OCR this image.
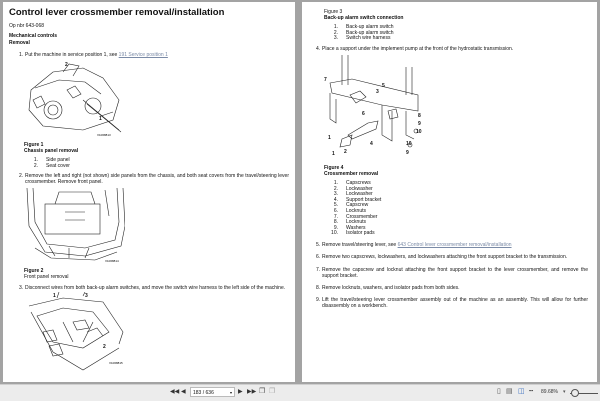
Control lever crossmember removal/installation
Op nbr 643-068
Mechanical controls
Removal
1. Put the machine in service position 1, see 191 Service position 1
2
1
V1068813
Figure 1
Chassis panel removal
1. Side panel
2. Seat cover
2. Remove the left and right (not shown) side panels from the chassis, and both seat covers from the travel/steering lever crossmember. Remove front panel.
V1068814
Figure 2
Front panel removal
3. Disconnect wires from both back-up alarm switches, and move the switch wire harness to the left side of the machine.
1	3
2
V1068815
Figure 3
Back-up alarm switch connection
1. Back-up alarm switch
2. Back-up alarm switch
3. Switch wire harness
4. Place a support under the implement pump at the front of the hydrostatic transmission.
7
3
5
6	8
9
10
10
9
4
1
2
1
Figure 4
Crossmember removal
1. Capscrews
2. Lockwasher
3. Lockwasher
4. Support bracket
5. Capscrew
6. Locknuts
7. Crossmember
8. Locknuts
9. Washers
10. Isolator pads
5. Remove travel/steering lever, see 643 Control lever crossmember removal/installation
6. Remove two capscrews, lockwashers, and lockwashers attaching the front support bracket to the transmission.
7. Remove the capscrew and locknut attaching the front support bracket to the lever crossmember, and remove the support bracket.
8. Remove locknuts, washers, and isolator pads from both sides.
9. Lift the travel/steering lever crossmember assembly out of the machine as an assembly. This will allow for further disassembly on a workbench.
◀◀ ◀	183 / 636	▾ ▶ ▶▶ ❐ ❐	▯ ▤ ◫ ╍ 89.68% ▾
